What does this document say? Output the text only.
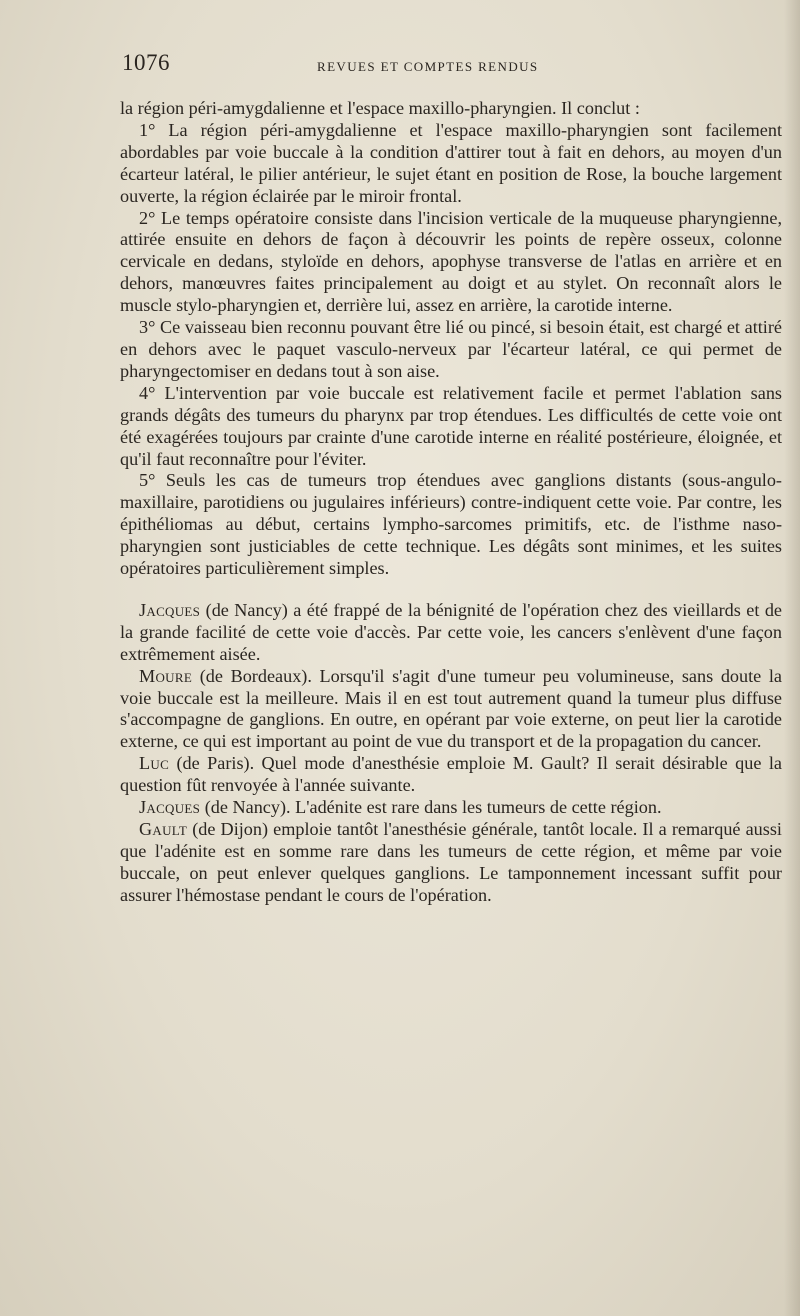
1076	REVUES ET COMPTES RENDUS

la région péri-amygdalienne et l'espace maxillo-pharyngien. Il conclut :

1° La région péri-amygdalienne et l'espace maxillo-pharyngien sont facilement abordables par voie buccale à la condition d'attirer tout à fait en dehors, au moyen d'un écarteur latéral, le pilier antérieur, le sujet étant en position de Rose, la bouche largement ouverte, la région éclairée par le miroir frontal.

2° Le temps opératoire consiste dans l'incision verticale de la muqueuse pharyngienne, attirée ensuite en dehors de façon à découvrir les points de repère osseux, colonne cervicale en dedans, styloïde en dehors, apophyse transverse de l'atlas en arrière et en dehors, manœuvres faites principalement au doigt et au stylet. On reconnaît alors le muscle stylo-pharyngien et, derrière lui, assez en arrière, la carotide interne.

3° Ce vaisseau bien reconnu pouvant être lié ou pincé, si besoin était, est chargé et attiré en dehors avec le paquet vasculo-nerveux par l'écarteur latéral, ce qui permet de pharyngectomiser en dedans tout à son aise.

4° L'intervention par voie buccale est relativement facile et permet l'ablation sans grands dégâts des tumeurs du pharynx par trop étendues. Les difficultés de cette voie ont été exagérées toujours par crainte d'une carotide interne en réalité postérieure, éloignée, et qu'il faut reconnaître pour l'éviter.

5° Seuls les cas de tumeurs trop étendues avec ganglions distants (sous-angulo-maxillaire, parotidiens ou jugulaires inférieurs) contre-indiquent cette voie. Par contre, les épithéliomas au début, certains lympho-sarcomes primitifs, etc. de l'isthme naso-pharyngien sont justiciables de cette technique. Les dégâts sont minimes, et les suites opératoires particulièrement simples.

Jacques (de Nancy) a été frappé de la bénignité de l'opération chez des vieillards et de la grande facilité de cette voie d'accès. Par cette voie, les cancers s'enlèvent d'une façon extrêmement aisée.

Moure (de Bordeaux). Lorsqu'il s'agit d'une tumeur peu volumineuse, sans doute la voie buccale est la meilleure. Mais il en est tout autrement quand la tumeur plus diffuse s'accompagne de ganglions. En outre, en opérant par voie externe, on peut lier la carotide externe, ce qui est important au point de vue du transport et de la propagation du cancer.

Luc (de Paris). Quel mode d'anesthésie emploie M. Gault? Il serait désirable que la question fût renvoyée à l'année suivante.

Jacques (de Nancy). L'adénite est rare dans les tumeurs de cette région.

Gault (de Dijon) emploie tantôt l'anesthésie générale, tantôt locale. Il a remarqué aussi que l'adénite est en somme rare dans les tumeurs de cette région, et même par voie buccale, on peut enlever quelques ganglions. Le tamponnement incessant suffit pour assurer l'hémostase pendant le cours de l'opération.
